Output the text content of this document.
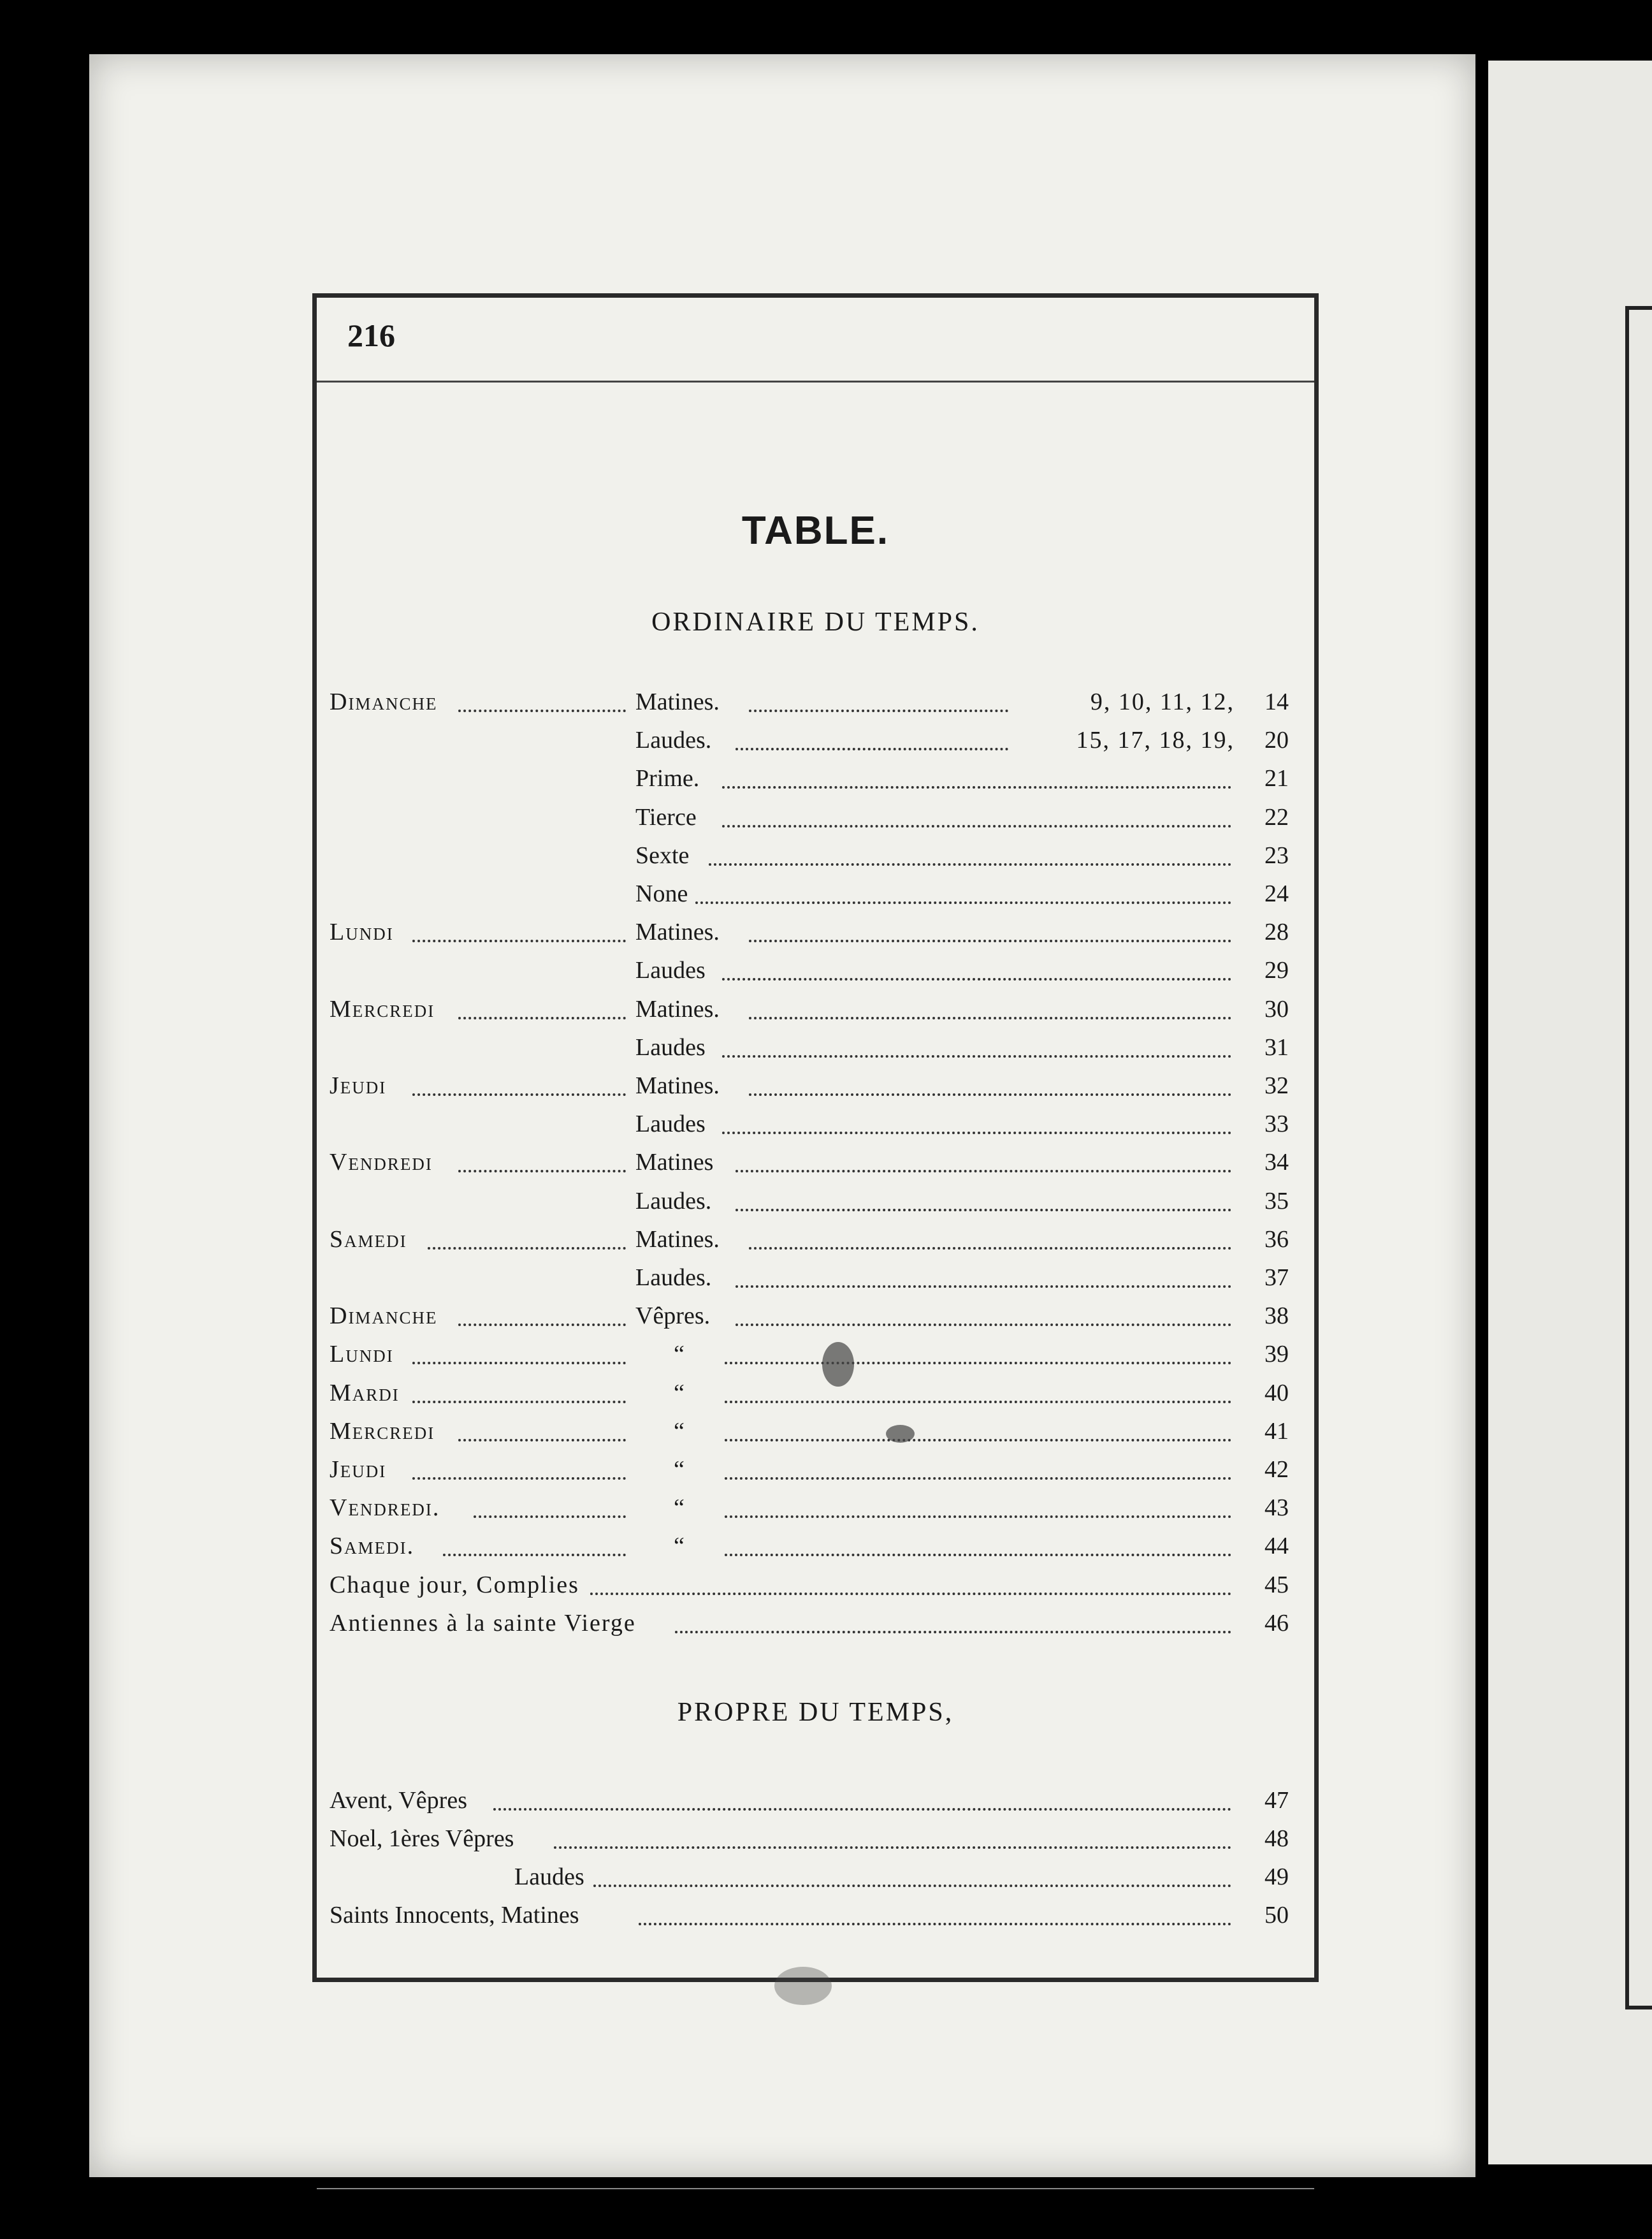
216
TABLE.
ORDINAIRE DU TEMPS.
Dimanche	Matines.	9, 10, 11, 12,	14
Laudes.	15, 17, 18, 19,	20
Prime.	21
Tierce	22
Sexte	23
None	24
Lundi	Matines.	28
Laudes	29
Mercredi	Matines.	30
Laudes	31
Jeudi	Matines.	32
Laudes	33
Vendredi	Matines	34
Laudes.	35
Samedi	Matines.	36
Laudes.	37
Dimanche	Vêpres.	38
Lundi	“	39
Mardi	“	40
Mercredi	“	41
Jeudi	“	42
Vendredi.	“	43
Samedi.	“	44
Chaque jour, Complies	45
Antiennes à la sainte Vierge	46
PROPRE DU TEMPS,
Avent, Vêpres	47
Noel, 1ères Vêpres	48
Laudes	49
Saints Innocents, Matines	50
